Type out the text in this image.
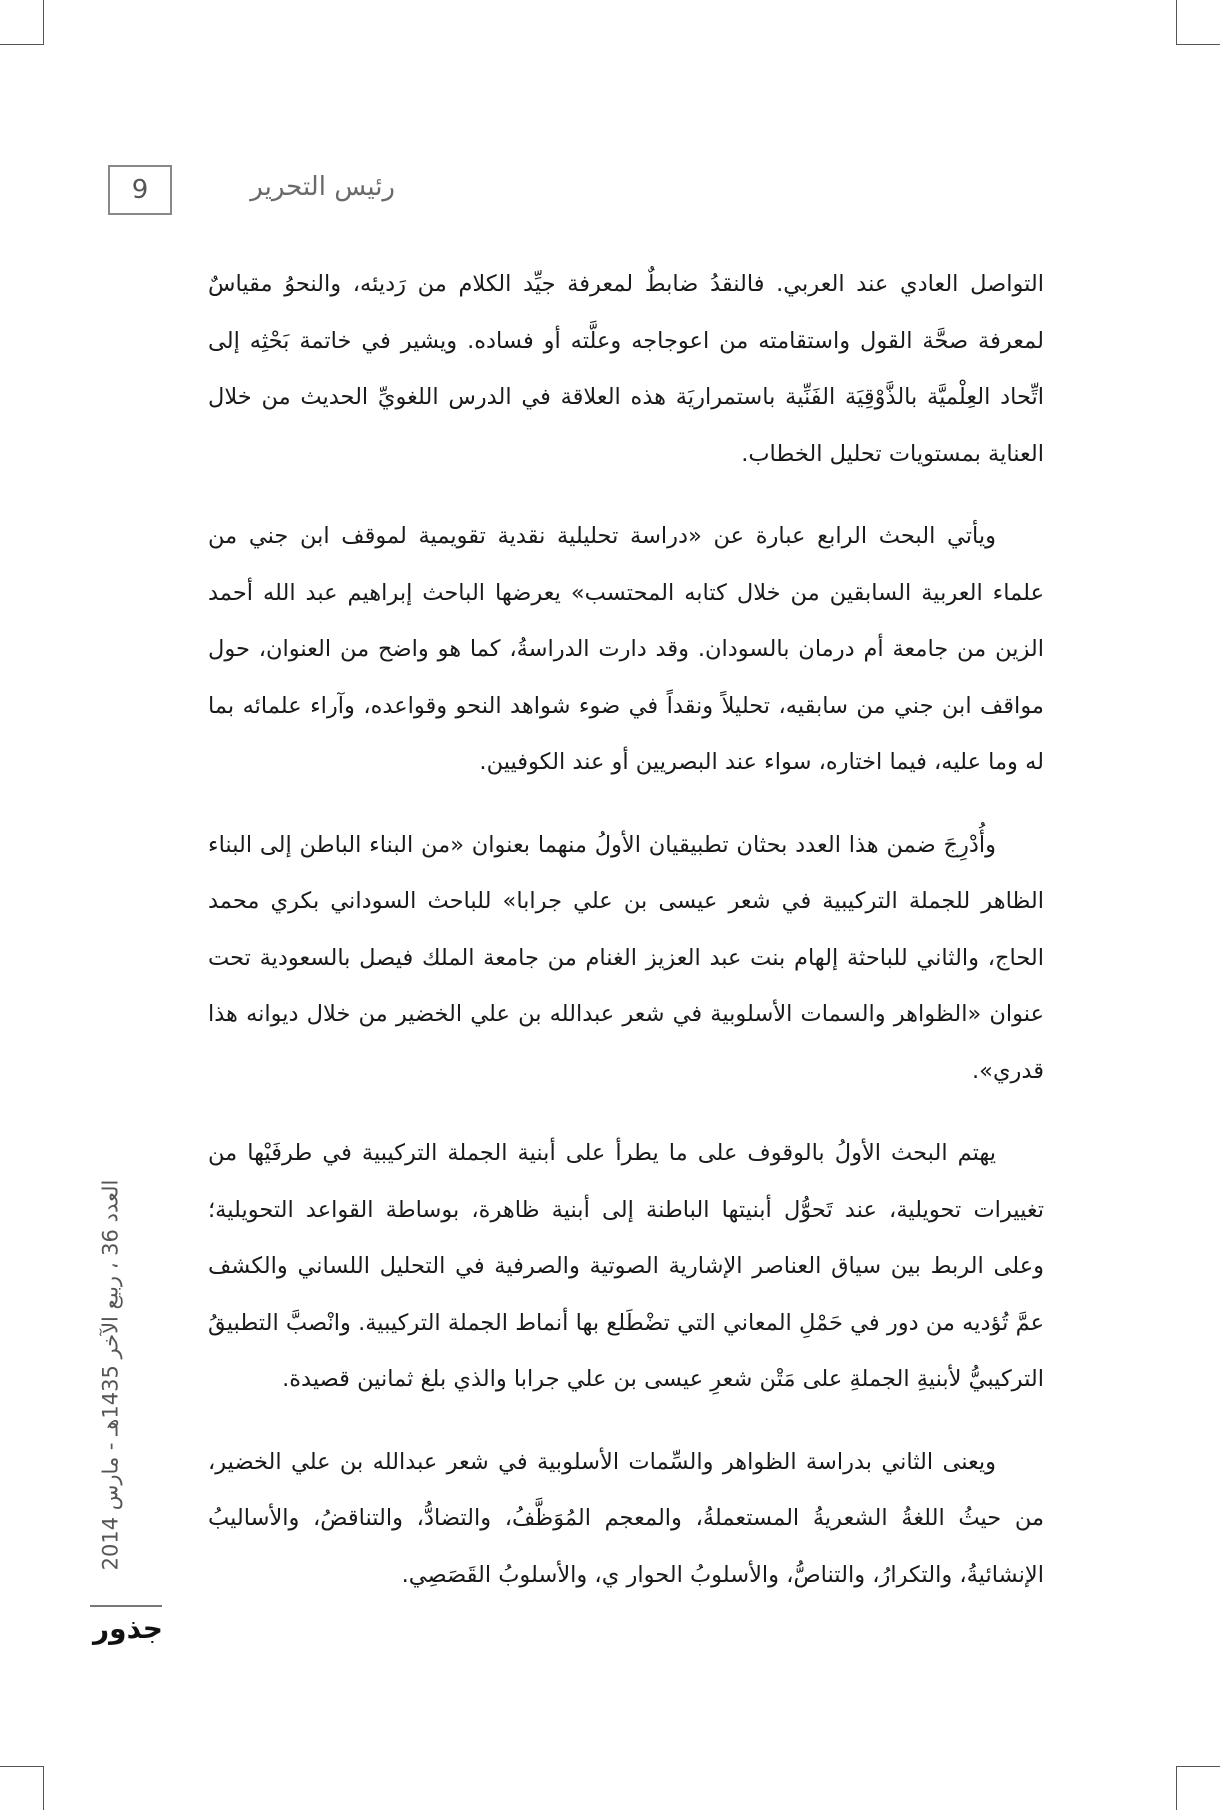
9	رئيس التحرير

التواصل العادي عند العربي. فالنقدُ ضابطٌ لمعرفة جيِّد الكلام من رَديئه، والنحوُ مقياسٌ لمعرفة صحَّة القول واستقامته من اعوجاجه وعلَّته أو فساده. ويشير في خاتمة بَحْثِه إلى اتِّحاد العِلْميَّة بالذَّوْقِيَة الفَنِّية باستمراريَة هذه العلاقة في الدرس اللغويِّ الحديث من خلال العناية بمستويات تحليل الخطاب.

ويأتي البحث الرابع عبارة عن «دراسة تحليلية نقدية تقويمية لموقف ابن جني من علماء العربية السابقين من خلال كتابه المحتسب» يعرضها الباحث إبراهيم عبد الله أحمد الزين من جامعة أم درمان بالسودان. وقد دارت الدراسةُ، كما هو واضح من العنوان، حول مواقف ابن جني من سابقيه، تحليلاً ونقداً في ضوء شواهد النحو وقواعده، وآراء علمائه بما له وما عليه، فيما اختاره، سواء عند البصريين أو عند الكوفيين.

وأُدْرِجَ ضمن هذا العدد بحثان تطبيقيان الأولُ منهما بعنوان «من البناء الباطن إلى البناء الظاهر للجملة التركيبية في شعر عيسى بن علي جرابا» للباحث السوداني بكري محمد الحاج، والثاني للباحثة إلهام بنت عبد العزيز الغنام من جامعة الملك فيصل بالسعودية تحت عنوان «الظواهر والسمات الأسلوبية في شعر عبدالله بن علي الخضير من خلال ديوانه هذا قدري».

يهتم البحث الأولُ بالوقوف على ما يطرأ على أبنية الجملة التركيبية في طرفَيْها من تغييرات تحويلية، عند تَحوُّل أبنيتها الباطنة إلى أبنية ظاهرة، بوساطة القواعد التحويلية؛ وعلى الربط بين سياق العناصر الإشارية الصوتية والصرفية في التحليل اللساني والكشف عمَّ تُؤديه من دور في حَمْلِ المعاني التي تضْطَلع بها أنماط الجملة التركيبية. وانْصبَّ التطبيقُ التركيبيُّ لأبنيةِ الجملةِ على مَتْن شعرِ عيسى بن علي جرابا والذي بلغ ثمانين قصيدة.

ويعنى الثاني بدراسة الظواهر والسِّمات الأسلوبية في شعر عبدالله بن علي الخضير، من حيثُ اللغةُ الشعريةُ المستعملةُ، والمعجم المُوَظَّفُ، والتضادُّ، والتناقضُ، والأساليبُ الإنشائيةُ، والتكرارُ، والتناصُّ، والأسلوبُ الحوار ي، والأسلوبُ القَصَصِي.

العدد 36 ، ربيع الآخر 1435هـ - مارس 2014
جذور
